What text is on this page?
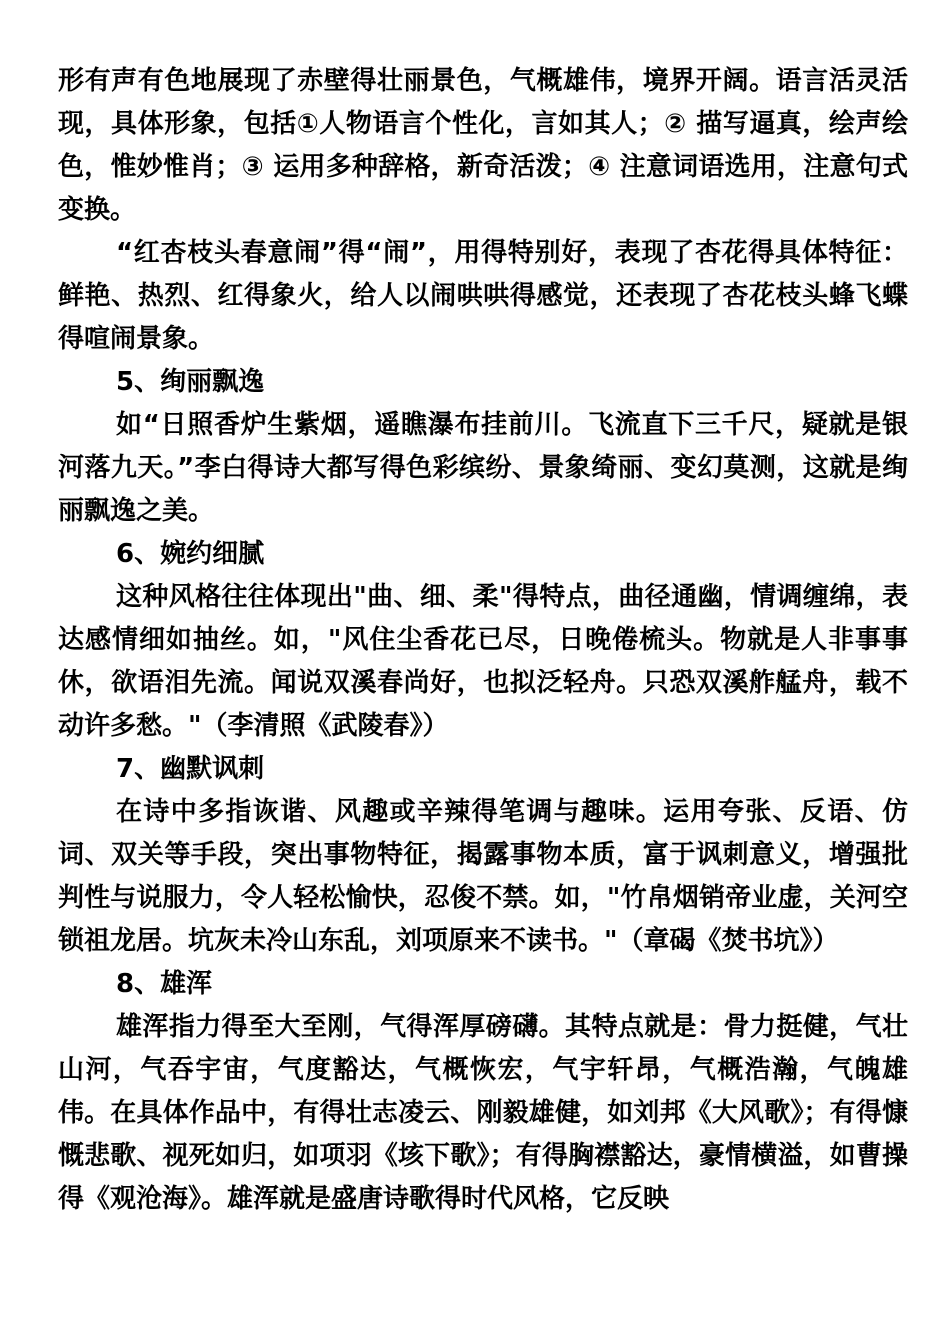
形有声有色地展现了赤壁得壮丽景色，气概雄伟，境界开阔。语言活灵活现，具体形象，包括①人物语言个性化，言如其人；② 描写逼真，绘声绘色，惟妙惟肖；③ 运用多种辞格，新奇活泼；④ 注意词语选用，注意句式变换。

“红杏枝头春意闹”得“闹”，用得特别好，表现了杏花得具体特征：鲜艳、热烈、红得象火，给人以闹哄哄得感觉，还表现了杏花枝头蜂飞蝶得喧闹景象。

5、绚丽飘逸

如“日照香炉生紫烟，遥瞧瀑布挂前川。飞流直下三千尺，疑就是银河落九天。”李白得诗大都写得色彩缤纷、景象绮丽、变幻莫测，这就是绚丽飘逸之美。

6、婉约细腻

这种风格往往体现出"曲、细、柔"得特点，曲径通幽，情调缠绵，表达感情细如抽丝。如，"风住尘香花已尽，日晚倦梳头。物就是人非事事休，欲语泪先流。闻说双溪春尚好，也拟泛轻舟。只恐双溪舴艋舟，载不动许多愁。"（李清照《武陵春》）

7、幽默讽刺

在诗中多指诙谐、风趣或辛辣得笔调与趣味。运用夸张、反语、仿词、双关等手段，突出事物特征，揭露事物本质，富于讽刺意义，增强批判性与说服力，令人轻松愉快，忍俊不禁。如，"竹帛烟销帝业虚，关河空锁祖龙居。坑灰未冷山东乱，刘项原来不读书。"（章碣《焚书坑》）

8、雄浑

雄浑指力得至大至刚，气得浑厚磅礴。其特点就是：骨力挺健，气壮山河，气吞宇宙，气度豁达，气概恢宏，气宇轩昂，气概浩瀚，气魄雄伟。在具体作品中，有得壮志凌云、刚毅雄健，如刘邦《大风歌》；有得慷慨悲歌、视死如归，如项羽《垓下歌》；有得胸襟豁达，豪情横溢，如曹操得《观沧海》。雄浑就是盛唐诗歌得时代风格，它反映
